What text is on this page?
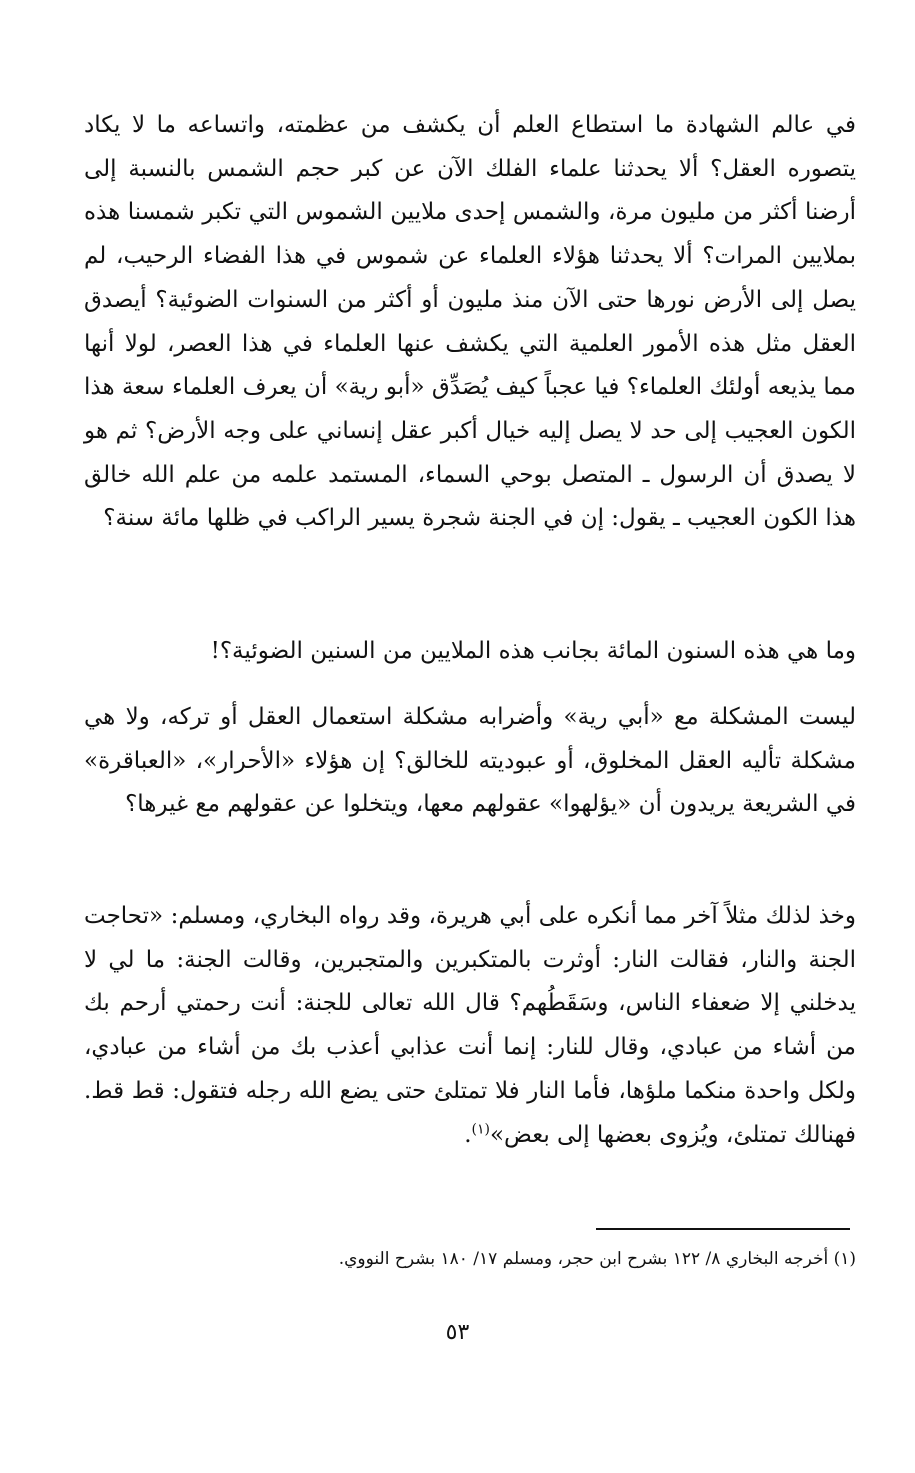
في عالم الشهادة ما استطاع العلم أن يكشف من عظمته، واتساعه ما لا يكاد يتصوره العقل؟ ألا يحدثنا علماء الفلك الآن عن كبر حجم الشمس بالنسبة إلى أرضنا أكثر من مليون مرة، والشمس إحدى ملايين الشموس التي تكبر شمسنا هذه بملايين المرات؟ ألا يحدثنا هؤلاء العلماء عن شموس في هذا الفضاء الرحيب، لم يصل إلى الأرض نورها حتى الآن منذ مليون أو أكثر من السنوات الضوئية؟ أيصدق العقل مثل هذه الأمور العلمية التي يكشف عنها العلماء في هذا العصر، لولا أنها مما يذيعه أولئك العلماء؟ فيا عجباً كيف يُصَدِّق «أبو رية» أن يعرف العلماء سعة هذا الكون العجيب إلى حد لا يصل إليه خيال أكبر عقل إنساني على وجه الأرض؟ ثم هو لا يصدق أن الرسول ـ المتصل بوحي السماء، المستمد علمه من علم الله خالق هذا الكون العجيب ـ يقول: إن في الجنة شجرة يسير الراكب في ظلها مائة سنة؟

وما هي هذه السنون المائة بجانب هذه الملايين من السنين الضوئية؟!

ليست المشكلة مع «أبي رية» وأضرابه مشكلة استعمال العقل أو تركه، ولا هي مشكلة تأليه العقل المخلوق، أو عبوديته للخالق؟ إن هؤلاء «الأحرار»، «العباقرة» في الشريعة يريدون أن «يؤلهوا» عقولهم معها، ويتخلوا عن عقولهم مع غيرها؟

وخذ لذلك مثلاً آخر مما أنكره على أبي هريرة، وقد رواه البخاري، ومسلم: «تحاجت الجنة والنار، فقالت النار: أوثرت بالمتكبرين والمتجبرين، وقالت الجنة: ما لي لا يدخلني إلا ضعفاء الناس، وسَقَطُهم؟ قال الله تعالى للجنة: أنت رحمتي أرحم بك من أشاء من عبادي، وقال للنار: إنما أنت عذابي أعذب بك من أشاء من عبادي، ولكل واحدة منكما ملؤها، فأما النار فلا تمتلئ حتى يضع الله رجله فتقول: قط قط. فهنالك تمتلئ، ويُزوى بعضها إلى بعض»$^{(١)}$.

(١) أخرجه البخاري ٨/ ١٢٢ بشرح ابن حجر، ومسلم ١٧/ ١٨٠ بشرح النووي.

٥٣
